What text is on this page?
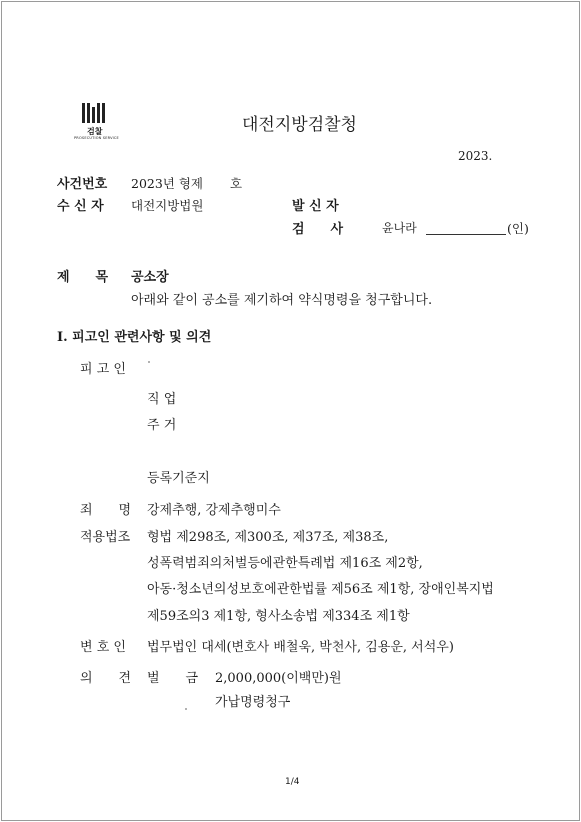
검찰
PROSECUTION SERVICE
대전지방검찰청
2023.
사건번호 2023년 형제 호
수 신 자 대전지방법원	발 신 자
검　　사	윤나라	(인)
제　　목 공소장
아래와 같이 공소를 제기하여 약식명령을 청구합니다.
Ⅰ. 피고인 관련사항 및 의견
피 고 인
직 업
주 거
등록기준지
죄　　명 강제추행, 강제추행미수
적용법조 형법 제298조, 제300조, 제37조, 제38조,
성폭력범죄의처벌등에관한특례법 제16조 제2항,
아동·청소년의성보호에관한법률 제56조 제1항, 장애인복지법
제59조의3 제1항, 형사소송법 제334조 제1항
변 호 인 법무법인 대세(변호사 배철욱, 박천사, 김용운, 서석우)
의　　견 벌　　금 2,000,000(이백만)원
가납명령청구
1/4
